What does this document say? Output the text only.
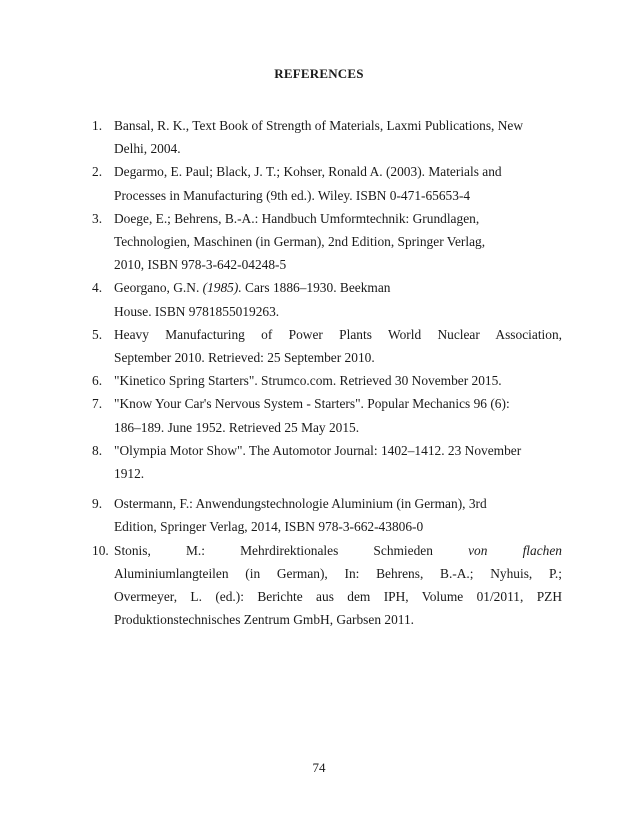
REFERENCES
1. Bansal, R. K., Text Book of Strength of Materials, Laxmi Publications, New
Delhi, 2004.
2. Degarmo, E. Paul; Black, J. T.; Kohser, Ronald A. (2003). Materials and
Processes in Manufacturing (9th ed.). Wiley. ISBN 0-471-65653-4
3. Doege, E.; Behrens, B.-A.: Handbuch Umformtechnik: Grundlagen,
Technologien, Maschinen (in German), 2nd Edition, Springer Verlag,
2010, ISBN 978-3-642-04248-5
4. Georgano, G.N. (1985). Cars 1886–1930. Beekman
House. ISBN 9781855019263.
5. Heavy Manufacturing of Power Plants World Nuclear Association,
September 2010. Retrieved: 25 September 2010.
6. "Kinetico Spring Starters". Strumco.com. Retrieved 30 November 2015.
7. "Know Your Car's Nervous System - Starters". Popular Mechanics 96 (6):
186–189. June 1952. Retrieved 25 May 2015.
8. "Olympia Motor Show". The Automotor Journal: 1402–1412. 23 November
1912.
9. Ostermann, F.: Anwendungstechnologie Aluminium (in German), 3rd
Edition, Springer Verlag, 2014, ISBN 978-3-662-43806-0
10. Stonis, M.: Mehrdirektionales Schmieden von flachen
Aluminiumlangteilen (in German), In: Behrens, B.-A.; Nyhuis, P.;
Overmeyer, L. (ed.): Berichte aus dem IPH, Volume 01/2011, PZH
Produktionstechnisches Zentrum GmbH, Garbsen 2011.
74
